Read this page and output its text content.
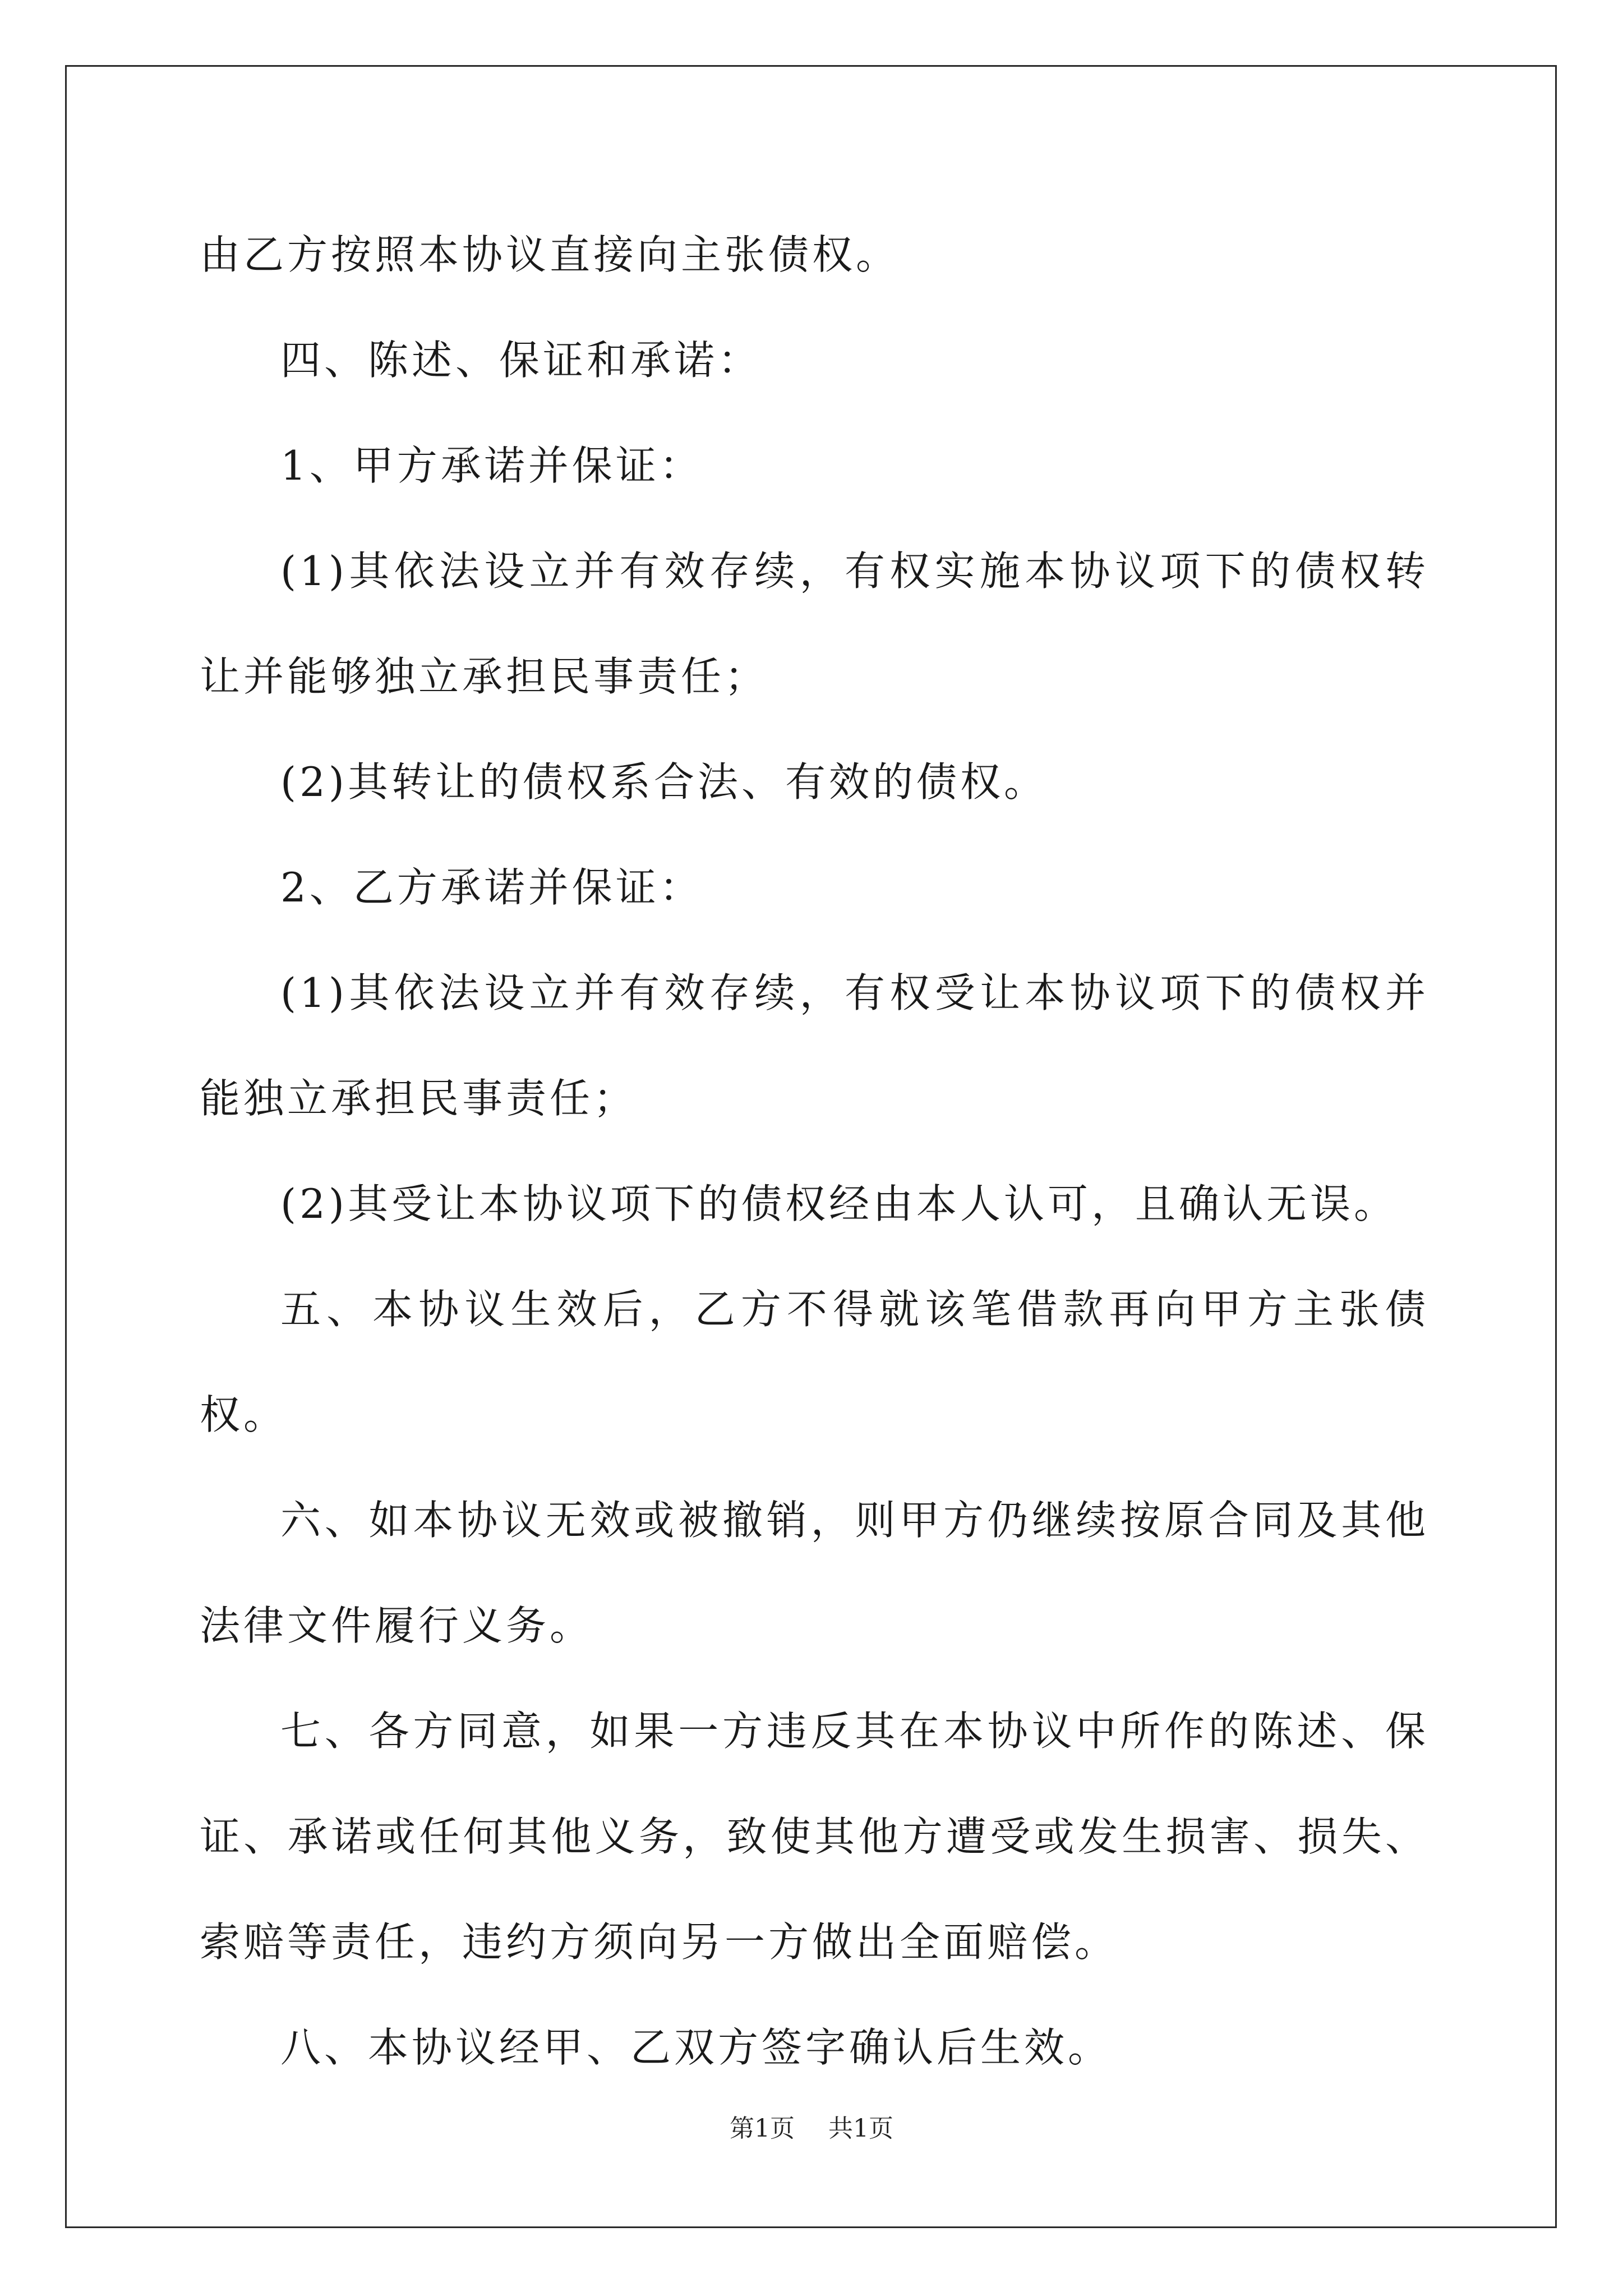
由乙方按照本协议直接向主张债权。

四、陈述、保证和承诺：

1、甲方承诺并保证：

(1)其依法设立并有效存续，有权实施本协议项下的债权转让并能够独立承担民事责任；

(2)其转让的债权系合法、有效的债权。

2、乙方承诺并保证：

(1)其依法设立并有效存续，有权受让本协议项下的债权并能独立承担民事责任；

(2)其受让本协议项下的债权经由本人认可，且确认无误。

五、本协议生效后，乙方不得就该笔借款再向甲方主张债权。

六、如本协议无效或被撤销，则甲方仍继续按原合同及其他法律文件履行义务。

七、各方同意，如果一方违反其在本协议中所作的陈述、保证、承诺或任何其他义务，致使其他方遭受或发生损害、损失、索赔等责任，违约方须向另一方做出全面赔偿。

八、本协议经甲、乙双方签字确认后生效。

第1页 共1页
